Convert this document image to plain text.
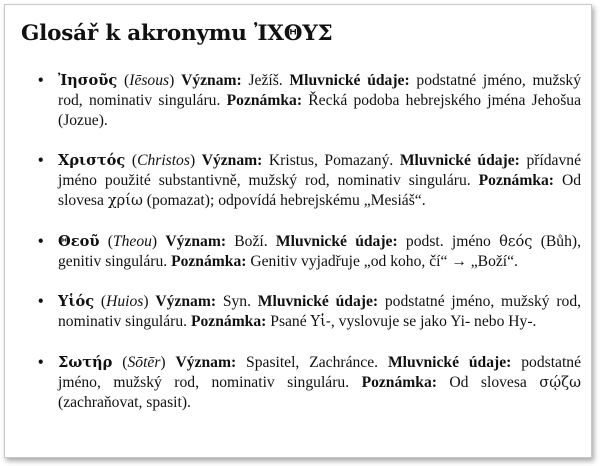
Glosář k akronymu ἸΧΘΥΣ
• Ἰησοῦς (Iēsous) Význam: Ježíš. Mluvnické údaje: podstatné jméno, mužský rod, nominativ singuláru. Poznámka: Řecká podoba hebrejského jména Jehošua (Jozue).
• Χριστός (Christos) Význam: Kristus, Pomazaný. Mluvnické údaje: přídavné jméno použité substantivně, mužský rod, nominativ singuláru. Poznámka: Od slovesa χρίω (pomazat); odpovídá hebrejskému „Mesiáš“.
• Θεοῦ (Theou) Význam: Boží. Mluvnické údaje: podst. jméno θεός (Bůh), genitiv singuláru. Poznámka: Genitiv vyjadřuje „od koho, čí“ → „Boží“.
• Υἱός (Huios) Význam: Syn. Mluvnické údaje: podstatné jméno, mužský rod, nominativ singuláru. Poznámka: Psané Υἱ-, vyslovuje se jako Yi- nebo Hy-.
• Σωτήρ (Sōtēr) Význam: Spasitel, Zachránce. Mluvnické údaje: podstatné jméno, mužský rod, nominativ singuláru. Poznámka: Od slovesa σῴζω (zachraňovat, spasit).
